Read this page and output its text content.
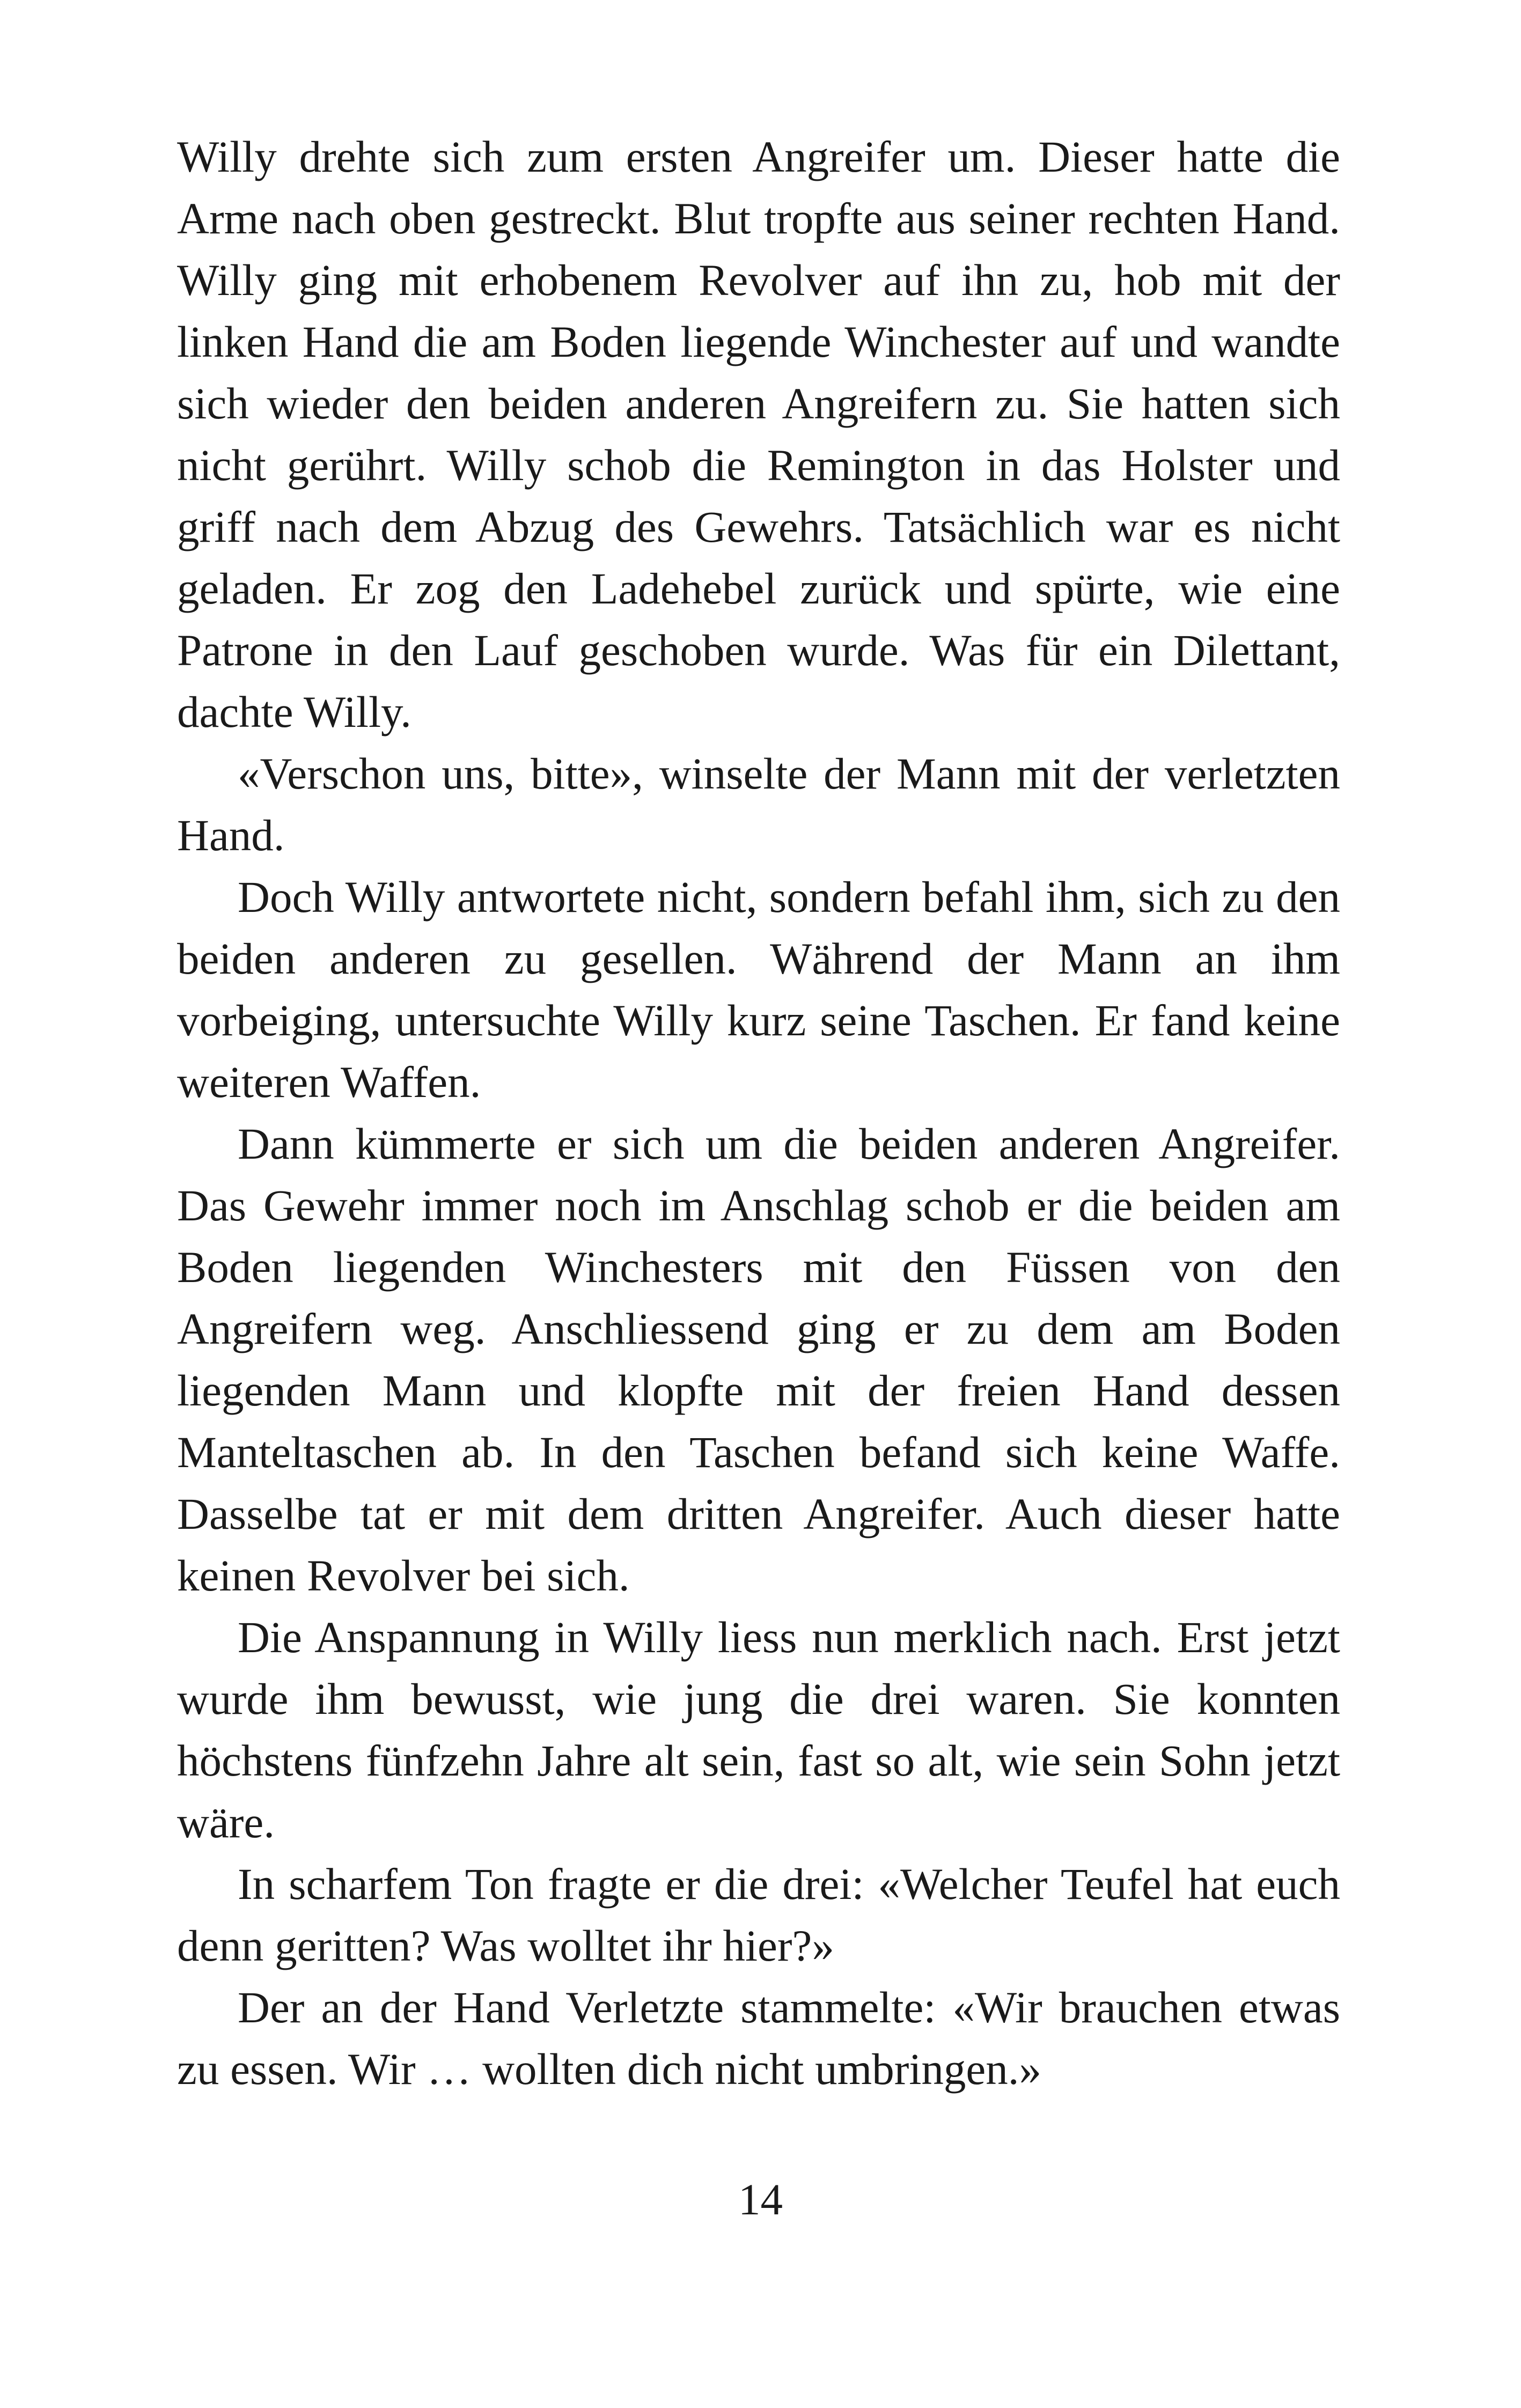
Willy drehte sich zum ersten Angreifer um. Dieser hatte die Arme nach oben gestreckt. Blut tropfte aus seiner rechten Hand. Willy ging mit erhobenem Revolver auf ihn zu, hob mit der linken Hand die am Boden liegende Winchester auf und wandte sich wieder den beiden anderen Angreifern zu. Sie hatten sich nicht gerührt. Willy schob die Remington in das Holster und griff nach dem Abzug des Gewehrs. Tatsächlich war es nicht geladen. Er zog den Ladehebel zurück und spürte, wie eine Patrone in den Lauf geschoben wurde. Was für ein Dilettant, dachte Willy.

«Verschon uns, bitte», winselte der Mann mit der verletzten Hand.

Doch Willy antwortete nicht, sondern befahl ihm, sich zu den beiden anderen zu gesellen. Während der Mann an ihm vorbeiging, untersuchte Willy kurz seine Taschen. Er fand keine weiteren Waffen.

Dann kümmerte er sich um die beiden anderen Angreifer. Das Gewehr immer noch im Anschlag schob er die beiden am Boden liegenden Winchesters mit den Füssen von den Angreifern weg. Anschliessend ging er zu dem am Boden liegenden Mann und klopfte mit der freien Hand dessen Manteltaschen ab. In den Taschen befand sich keine Waffe. Dasselbe tat er mit dem dritten Angreifer. Auch dieser hatte keinen Revolver bei sich.

Die Anspannung in Willy liess nun merklich nach. Erst jetzt wurde ihm bewusst, wie jung die drei waren. Sie konnten höchstens fünfzehn Jahre alt sein, fast so alt, wie sein Sohn jetzt wäre.

In scharfem Ton fragte er die drei: «Welcher Teufel hat euch denn geritten? Was wolltet ihr hier?»

Der an der Hand Verletzte stammelte: «Wir brauchen etwas zu essen. Wir … wollten dich nicht umbringen.»

14
